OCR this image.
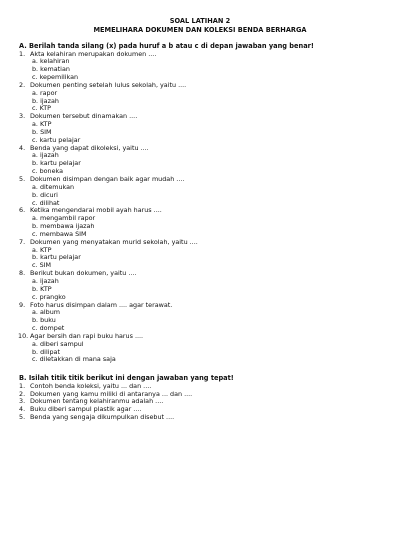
SOAL LATIHAN 2
MEMELIHARA DOKUMEN DAN KOLEKSI BENDA BERHARGA
A. Berilah tanda silang (x) pada huruf a b atau c di depan jawaban yang benar!
1. Akta kelahiran merupakan dokumen ....
a. kelahiran
b. kematian
c. kepemilikan
2. Dokumen penting setelah lulus sekolah, yaitu ....
a. rapor
b. ijazah
c. KTP
3. Dokumen tersebut dinamakan ....
a. KTP
b. SIM
c. kartu pelajar
4. Benda yang dapat dikoleksi, yaitu ....
a. ijazah
b. kartu pelajar
c. boneka
5. Dokumen disimpan dengan baik agar mudah ....
a. ditemukan
b. dicuri
c. dilihat
6. Ketika mengendarai mobil ayah harus ....
a. mengambil rapor
b. membawa ijazah
c. membawa SIM
7. Dokumen yang menyatakan murid sekolah, yaitu ....
a. KTP
b. kartu pelajar
c. SIM
8. Berikut bukan dokumen, yaitu ....
a. ijazah
b. KTP
c. prangko
9. Foto harus disimpan dalam .... agar terawat.
a. album
b. buku
c. dompet
10. Agar bersih dan rapi buku harus ....
a. diberi sampul
b. dilipat
c. diletakkan di mana saja
B. Isilah titik titik berikut ini dengan jawaban yang tepat!
1. Contoh benda koleksi, yaitu ... dan ....
2. Dokumen yang kamu miliki di antaranya ... dan ....
3. Dokumen tentang kelahiranmu adalah ....
4. Buku diberi sampul plastik agar ....
5. Benda yang sengaja dikumpulkan disebut ....
